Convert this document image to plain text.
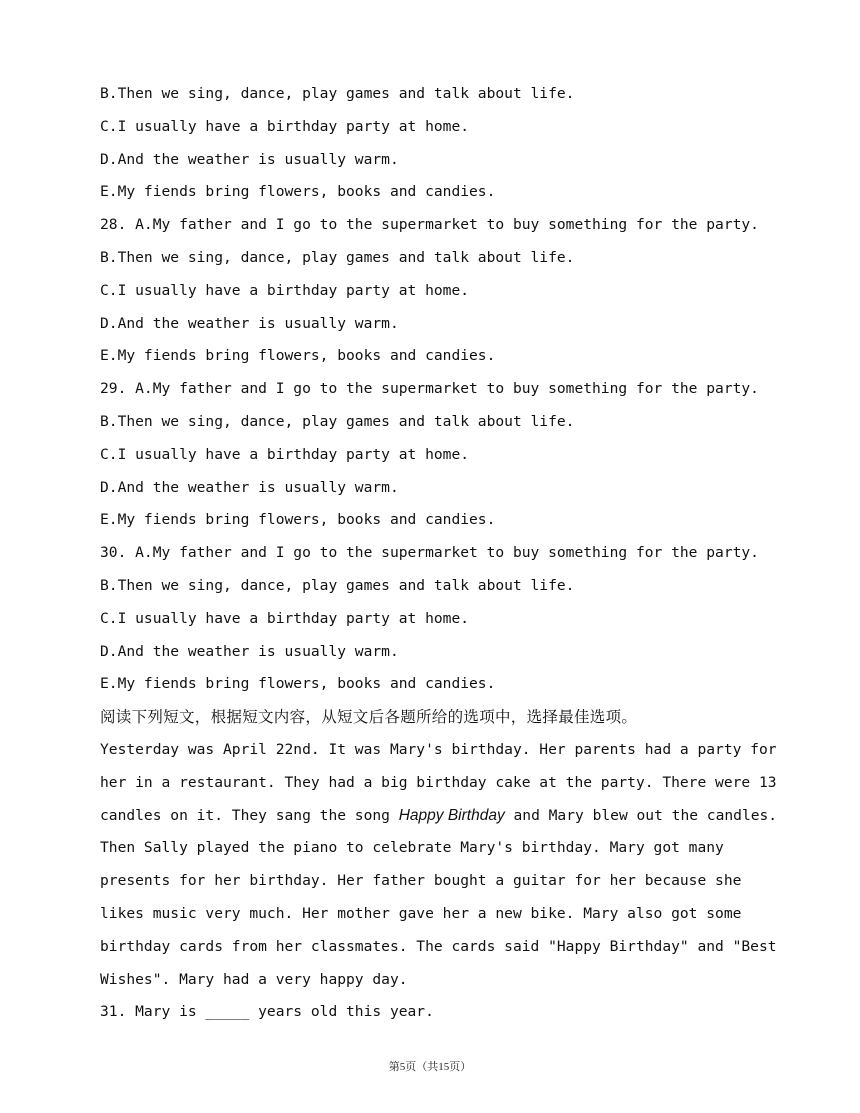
B.Then we sing, dance, play games and talk about life.
C.I usually have a birthday party at home.
D.And the weather is usually warm.
E.My fiends bring flowers, books and candies.
28. A.My father and I go to the supermarket to buy something for the party.
B.Then we sing, dance, play games and talk about life.
C.I usually have a birthday party at home.
D.And the weather is usually warm.
E.My fiends bring flowers, books and candies.
29. A.My father and I go to the supermarket to buy something for the party.
B.Then we sing, dance, play games and talk about life.
C.I usually have a birthday party at home.
D.And the weather is usually warm.
E.My fiends bring flowers, books and candies.
30. A.My father and I go to the supermarket to buy something for the party.
B.Then we sing, dance, play games and talk about life.
C.I usually have a birthday party at home.
D.And the weather is usually warm.
E.My fiends bring flowers, books and candies.
阅读下列短文，根据短文内容，从短文后各题所给的选项中，选择最佳选项。
Yesterday was April 22nd. It was Mary's birthday. Her parents had a party for
her in a restaurant. They had a big birthday cake at the party. There were 13
candles on it. They sang the song Happy Birthday and Mary blew out the candles.
Then Sally played the piano to celebrate Mary's birthday. Mary got many
presents for her birthday. Her father bought a guitar for her because she
likes music very much. Her mother gave her a new bike. Mary also got some
birthday cards from her classmates. The cards said "Happy Birthday" and "Best
Wishes". Mary had a very happy day.
31. Mary is _____ years old this year.
第5页（共15页）
